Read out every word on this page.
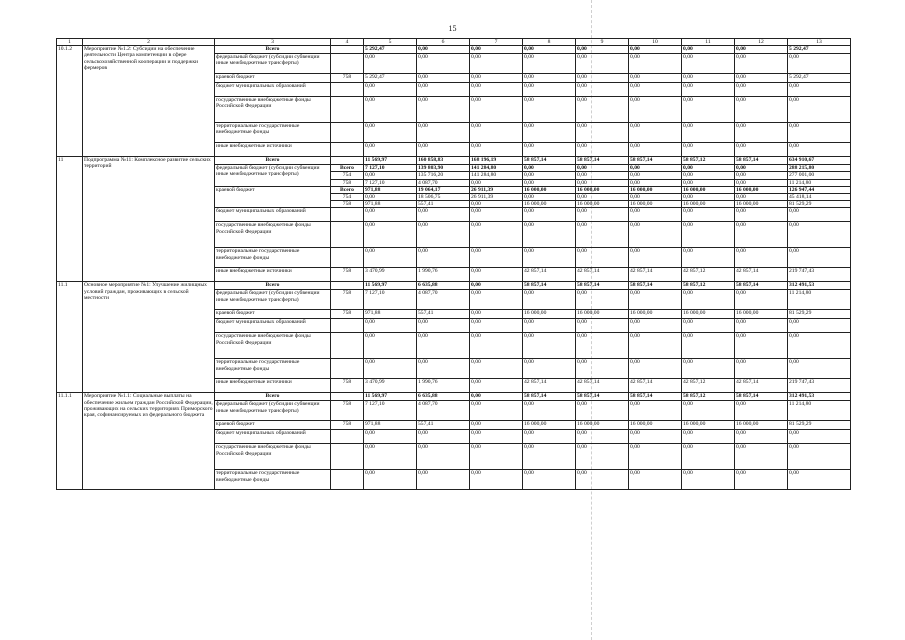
15
1	2	3	4	5	6	7	8	9	10	11	12	13
10.1.2	Мероприятие №1.2: Субсидии на обеспечение деятельности Центра компетенции в сфере сельскохозяйственной кооперации и поддержки фермеров	Всего		5 292,47	0,00	0,00	0,00	0,00	0,00	0,00	0,00	5 292,47
		федеральный бюджет (субсидии субвенции иные межбюджетные трансферты)		0,00	0,00	0,00	0,00	0,00	0,00	0,00	0,00	0,00
		краевой бюджет	758	5 292,47	0,00	0,00	0,00	0,00	0,00	0,00	0,00	5 292,47
		бюджет муниципальных образований		0,00	0,00	0,00	0,00	0,00	0,00	0,00	0,00	0,00
		государственные внебюджетные фонды Российской Федерации		0,00	0,00	0,00	0,00	0,00	0,00	0,00	0,00	0,00
		территориальные государственные внебюджетные фонды		0,00	0,00	0,00	0,00	0,00	0,00	0,00	0,00	0,00
		иные внебюджетные источники		0,00	0,00	0,00	0,00	0,00	0,00	0,00	0,00	0,00
11	Подпрограмма №11: Комплексное развитие сельских территорий	Всего		11 569,97	160 858,83	168 196,19	58 857,14	58 857,14	58 857,14	58 857,12	58 857,14	634 910,67
		федеральный бюджет (субсидии субвенции иные межбюджетные трансферты)	Всего	7 127,10	139 803,90	141 284,80	0,00	0,00	0,00	0,00	0,00	288 215,80
			754	0,00	135 716,20	141 284,80	0,00	0,00	0,00	0,00	0,00	277 001,00
			758	7 127,10	4 087,70	0,00	0,00	0,00	0,00	0,00	0,00	11 214,80
		краевой бюджет	Всего	971,88	19 064,17	26 911,39	16 000,00	16 000,00	16 000,00	16 000,00	16 000,00	126 947,44
			754	0,00	18 506,75	26 911,39	0,00	0,00	0,00	0,00	0,00	45 418,14
			758	971,88	557,41	0,00	16 000,00	16 000,00	16 000,00	16 000,00	16 000,00	81 529,29
		бюджет муниципальных образований		0,00	0,00	0,00	0,00	0,00	0,00	0,00	0,00	0,00
		государственные внебюджетные фонды Российской Федерации		0,00	0,00	0,00	0,00	0,00	0,00	0,00	0,00	0,00
		территориальные государственные внебюджетные фонды		0,00	0,00	0,00	0,00	0,00	0,00	0,00	0,00	0,00
		иные внебюджетные источники	758	3 470,99	1 990,76	0,00	42 857,14	42 857,14	42 857,14	42 857,12	42 857,14	219 747,43
11.1	Основное мероприятие №1: Улучшение жилищных условий граждан, проживающих в сельской местности	Всего		11 569,97	6 635,88	0,00	58 857,14	58 857,14	58 857,14	58 857,12	58 857,14	312 491,53
		федеральный бюджет (субсидии субвенции иные межбюджетные трансферты)	758	7 127,10	4 087,70	0,00	0,00	0,00	0,00	0,00	0,00	11 214,80
		краевой бюджет	758	971,88	557,41	0,00	16 000,00	16 000,00	16 000,00	16 000,00	16 000,00	81 529,29
		бюджет муниципальных образований		0,00	0,00	0,00	0,00	0,00	0,00	0,00	0,00	0,00
		государственные внебюджетные фонды Российской Федерации		0,00	0,00	0,00	0,00	0,00	0,00	0,00	0,00	0,00
		территориальные государственные внебюджетные фонды		0,00	0,00	0,00	0,00	0,00	0,00	0,00	0,00	0,00
		иные внебюджетные источники	758	3 470,99	1 990,76	0,00	42 857,14	42 857,14	42 857,14	42 857,12	42 857,14	219 747,43
11.1.1	Мероприятие №1.1: Социальные выплаты на обеспечение жильем граждан Российской Федерации, проживающих на сельских территориях Приморского края, софинансируемых из федерального бюджета	Всего		11 569,97	6 635,88	0,00	58 857,14	58 857,14	58 857,14	58 857,12	58 857,14	312 491,53
		федеральный бюджет (субсидии субвенции иные межбюджетные трансферты)	758	7 127,10	4 087,70	0,00	0,00	0,00	0,00	0,00	0,00	11 214,80
		краевой бюджет	758	971,88	557,41	0,00	16 000,00	16 000,00	16 000,00	16 000,00	16 000,00	81 529,29
		бюджет муниципальных образований		0,00	0,00	0,00	0,00	0,00	0,00	0,00	0,00	0,00
		государственные внебюджетные фонды Российской Федерации		0,00	0,00	0,00	0,00	0,00	0,00	0,00	0,00	0,00
		территориальные государственные внебюджетные фонды		0,00	0,00	0,00	0,00	0,00	0,00	0,00	0,00	0,00
